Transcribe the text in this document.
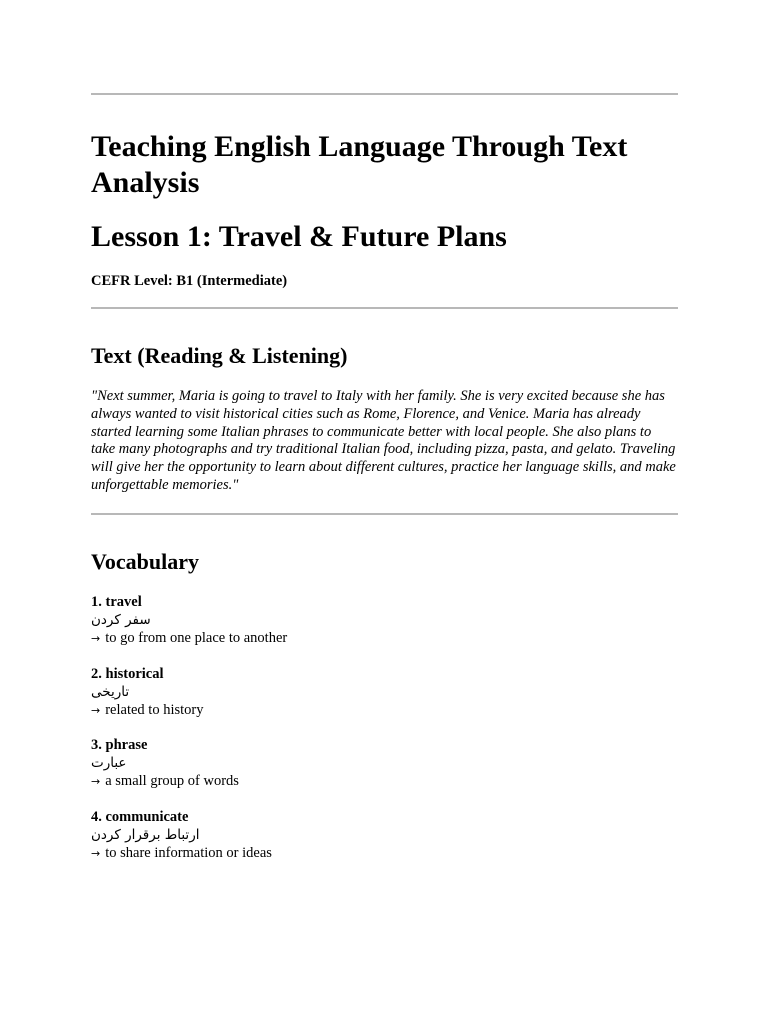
Teaching English Language Through Text Analysis
Lesson 1: Travel & Future Plans

CEFR Level: B1 (Intermediate)

Text (Reading & Listening)

"Next summer, Maria is going to travel to Italy with her family. She is very excited because she has always wanted to visit historical cities such as Rome, Florence, and Venice. Maria has already started learning some Italian phrases to communicate better with local people. She also plans to take many photographs and try traditional Italian food, including pizza, pasta, and gelato. Traveling will give her the opportunity to learn about different cultures, practice her language skills, and make unforgettable memories."

Vocabulary
1. travel
سفر کردن
→ to go from one place to another
2. historical
تاریخی
→ related to history
3. phrase
عبارت
→ a small group of words
4. communicate
ارتباط برقرار کردن
→ to share information or ideas
